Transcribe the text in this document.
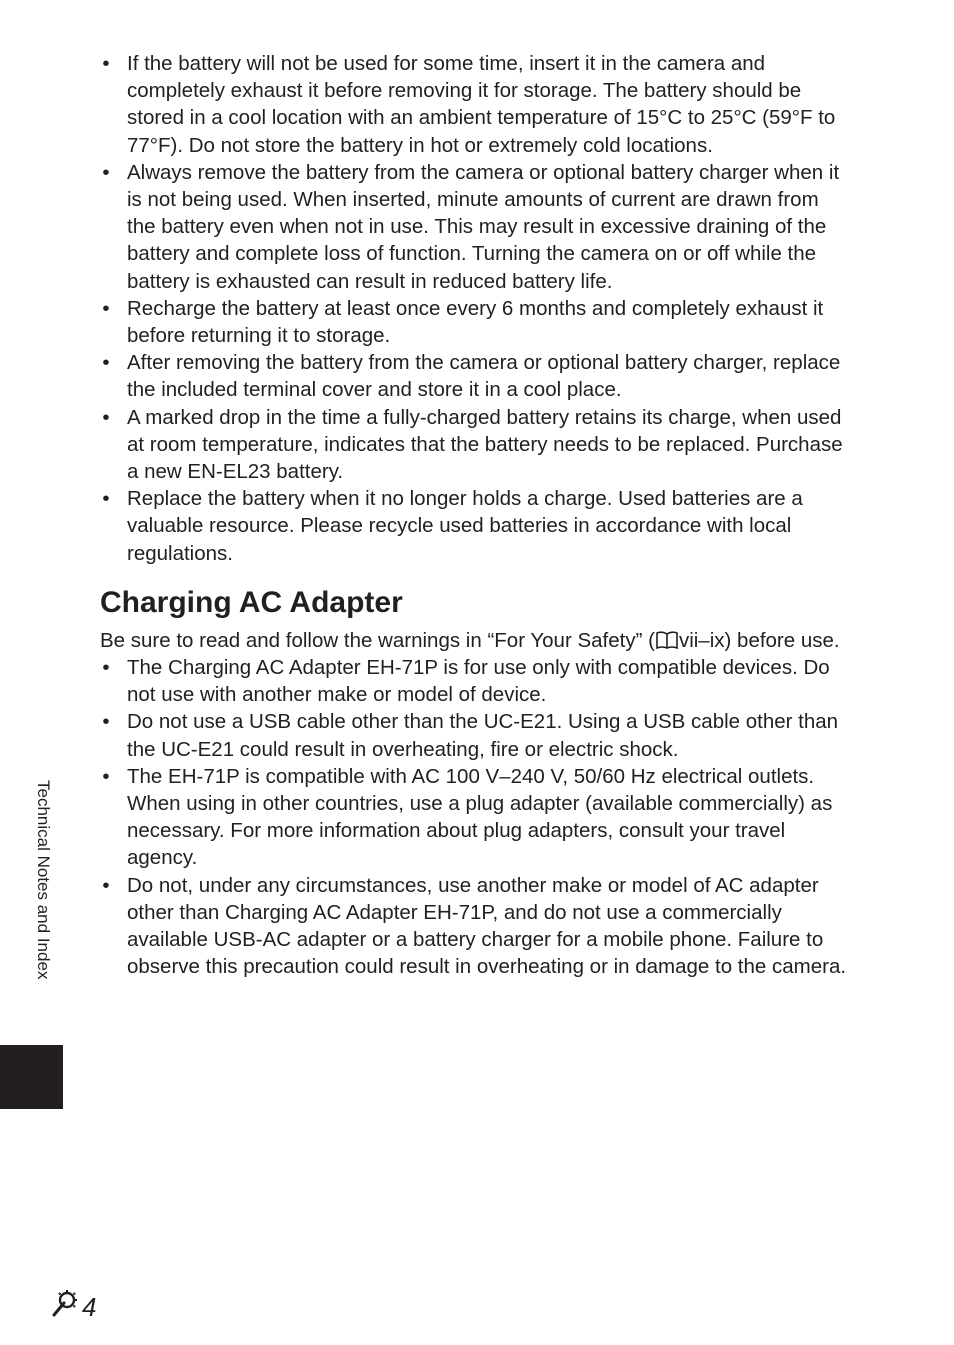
• If the battery will not be used for some time, insert it in the camera and completely exhaust it before removing it for storage. The battery should be stored in a cool location with an ambient temperature of 15°C to 25°C (59°F to 77°F). Do not store the battery in hot or extremely cold locations.
• Always remove the battery from the camera or optional battery charger when it is not being used. When inserted, minute amounts of current are drawn from the battery even when not in use. This may result in excessive draining of the battery and complete loss of function. Turning the camera on or off while the battery is exhausted can result in reduced battery life.
• Recharge the battery at least once every 6 months and completely exhaust it before returning it to storage.
• After removing the battery from the camera or optional battery charger, replace the included terminal cover and store it in a cool place.
• A marked drop in the time a fully-charged battery retains its charge, when used at room temperature, indicates that the battery needs to be replaced. Purchase a new EN-EL23 battery.
• Replace the battery when it no longer holds a charge. Used batteries are a valuable resource. Please recycle used batteries in accordance with local regulations.
Charging AC Adapter

Be sure to read and follow the warnings in “For Your Safety” ( vii–ix) before use.

• The Charging AC Adapter EH-71P is for use only with compatible devices. Do not use with another make or model of device.
• Do not use a USB cable other than the UC-E21. Using a USB cable other than the UC-E21 could result in overheating, fire or electric shock.
• The EH-71P is compatible with AC 100 V–240 V, 50/60 Hz electrical outlets. When using in other countries, use a plug adapter (available commercially) as necessary. For more information about plug adapters, consult your travel agency.
• Do not, under any circumstances, use another make or model of AC adapter other than Charging AC Adapter EH-71P, and do not use a commercially available USB-AC adapter or a battery charger for a mobile phone. Failure to observe this precaution could result in overheating or in damage to the camera.
Technical Notes and Index
4
